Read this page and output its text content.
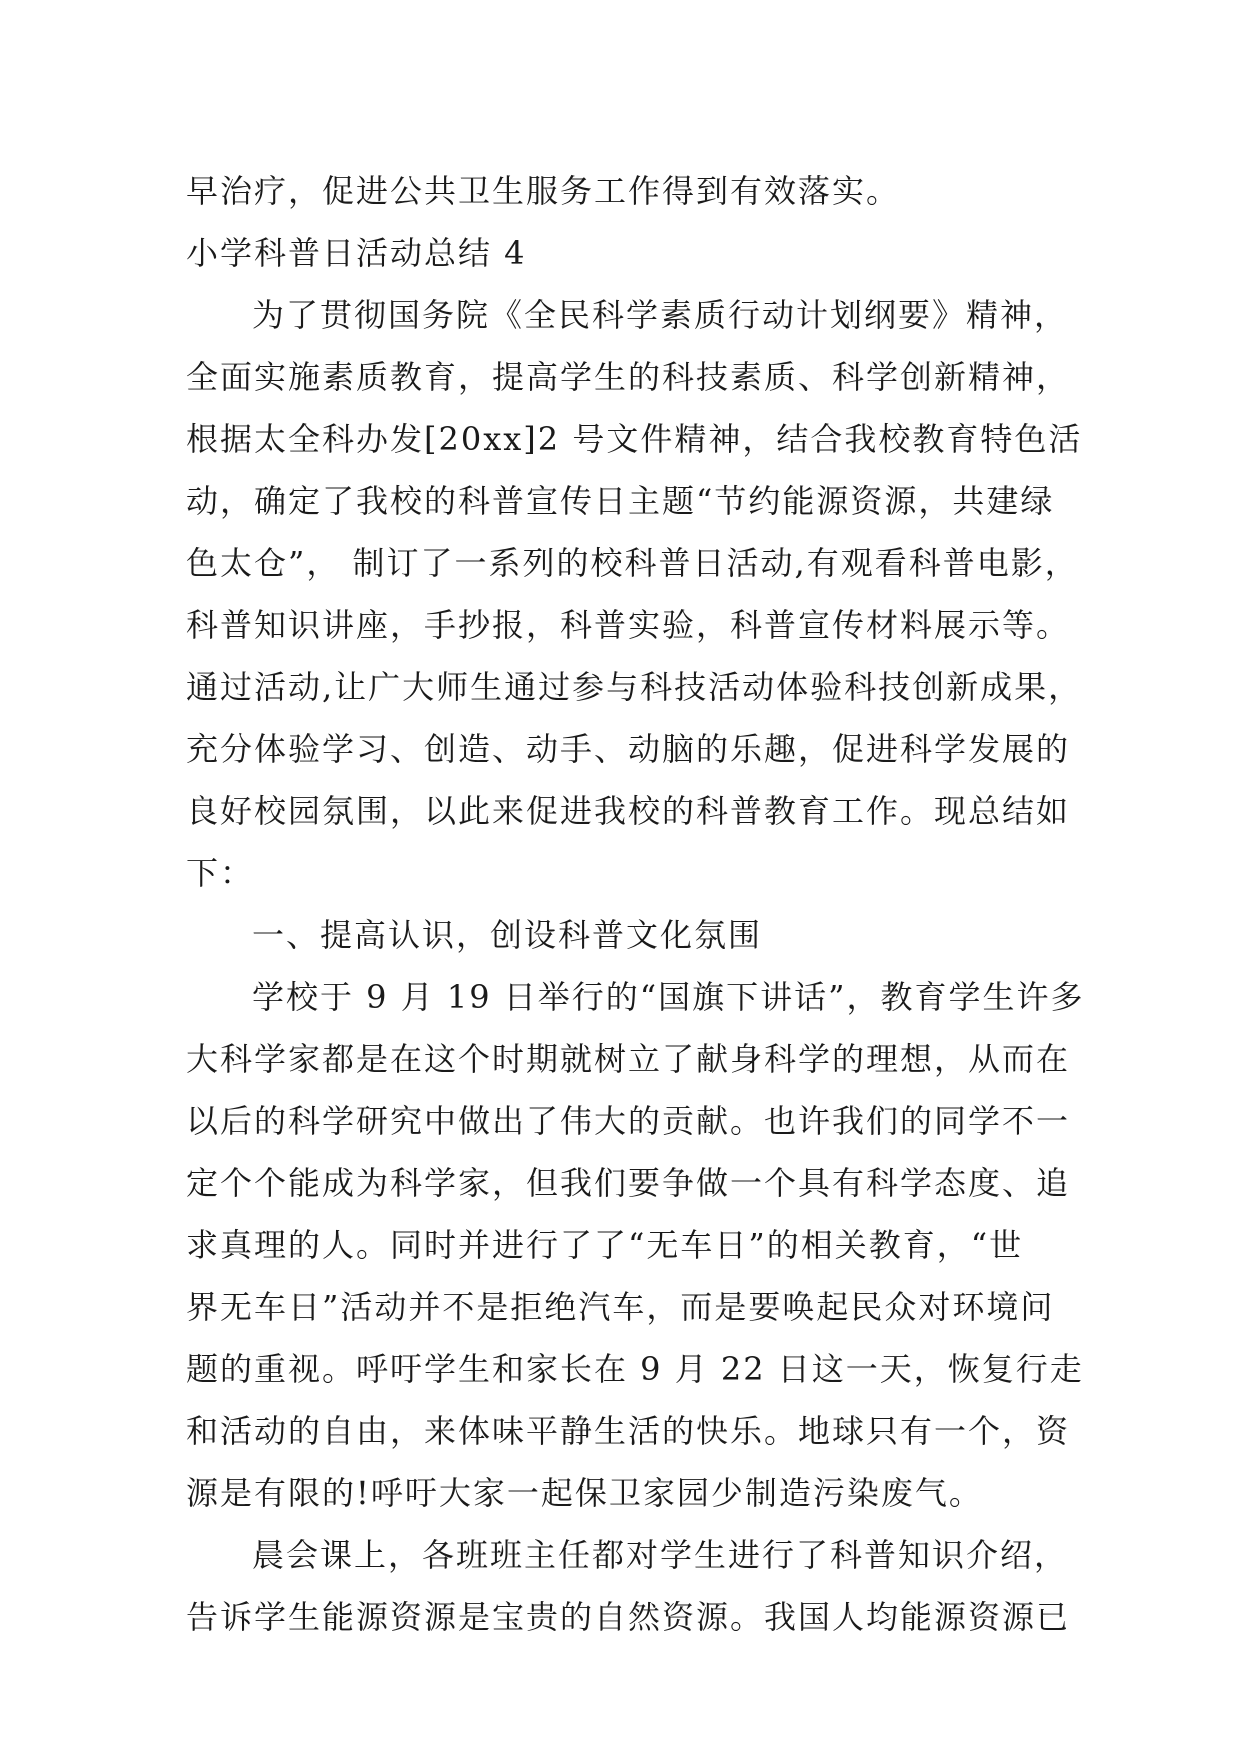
早治疗，促进公共卫生服务工作得到有效落实。
小学科普日活动总结 4
为了贯彻国务院《全民科学素质行动计划纲要》精神，
全面实施素质教育，提高学生的科技素质、科学创新精神，
根据太全科办发[20xx]2 号文件精神，结合我校教育特色活
动，确定了我校的科普宣传日主题“节约能源资源，共建绿
色太仓”， 制订了一系列的校科普日活动,有观看科普电影，
科普知识讲座，手抄报，科普实验，科普宣传材料展示等。
通过活动,让广大师生通过参与科技活动体验科技创新成果，
充分体验学习、创造、动手、动脑的乐趣，促进科学发展的
良好校园氛围，以此来促进我校的科普教育工作。现总结如
下：
一、提高认识，创设科普文化氛围
学校于 9 月 19 日举行的“国旗下讲话”，教育学生许多
大科学家都是在这个时期就树立了献身科学的理想，从而在
以后的科学研究中做出了伟大的贡献。也许我们的同学不一
定个个能成为科学家，但我们要争做一个具有科学态度、追
求真理的人。同时并进行了了“无车日”的相关教育，“世
界无车日”活动并不是拒绝汽车，而是要唤起民众对环境问
题的重视。呼吁学生和家长在 9 月 22 日这一天，恢复行走
和活动的自由，来体味平静生活的快乐。地球只有一个，资
源是有限的!呼吁大家一起保卫家园少制造污染废气。
晨会课上，各班班主任都对学生进行了科普知识介绍，
告诉学生能源资源是宝贵的自然资源。我国人均能源资源已
